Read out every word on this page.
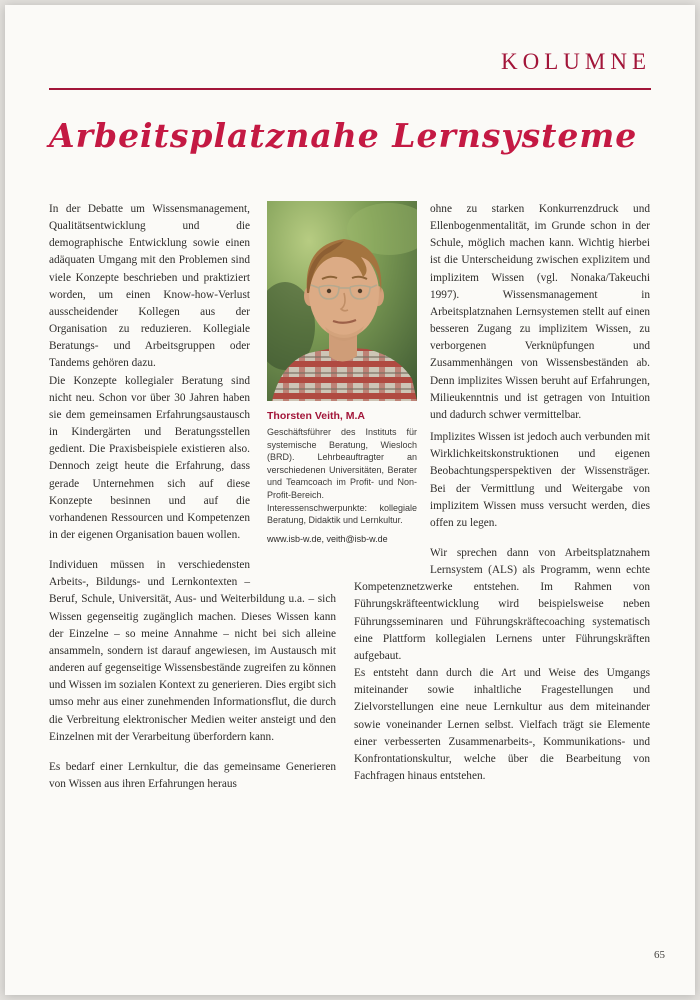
KOLUMNE
Arbeitsplatznahe Lernsysteme

In der Debatte um Wissensmanagement, Qualitätsentwicklung und die demographische Entwicklung sowie einen adäquaten Umgang mit den Problemen sind viele Konzepte beschrieben und praktiziert worden, um einen Know-how-Verlust ausscheidender Kollegen aus der Organisation zu reduzieren. Kollegiale Beratungs- und Arbeitsgruppen oder Tandems gehören dazu.

Die Konzepte kollegialer Beratung sind nicht neu. Schon vor über 30 Jahren haben sie dem gemeinsamen Erfahrungsaustausch in Kindergärten und Beratungsstellen gedient. Die Praxisbeispiele existieren also. Dennoch zeigt heute die Erfahrung, dass gerade Unternehmen sich auf diese Konzepte besinnen und auf die vorhandenen Ressourcen und Kompetenzen in der eigenen Organisation bauen wollen.

Individuen müssen in verschiedensten Arbeits-, Bildungs- und Lernkontexten – Beruf, Schule, Universität, Aus- und Weiterbildung u.a. – sich Wissen gegenseitig zugänglich machen. Dieses Wissen kann der Einzelne – so meine Annahme – nicht bei sich alleine ansammeln, sondern ist darauf angewiesen, im Austausch mit anderen auf gegenseitige Wissensbestände zugreifen zu können und Wissen im sozialen Kontext zu generieren. Dies ergibt sich umso mehr aus einer zunehmenden Informationsflut, die durch die Verbreitung elektronischer Medien weiter ansteigt und den Einzelnen mit der Verarbeitung überfordern kann.

Es bedarf einer Lernkultur, die das gemeinsame Generieren von Wissen aus ihren Erfahrungen heraus

ohne zu starken Konkurrenzdruck und Ellenbogenmentalität, im Grunde schon in der Schule, möglich machen kann. Wichtig hierbei ist die Unterscheidung zwischen explizitem und implizitem Wissen (vgl. Nonaka/Takeuchi 1997). Wissensmanagement in Arbeitsplatznahen Lernsystemen stellt auf einen besseren Zugang zu implizitem Wissen, zu verborgenen Verknüpfungen und Zusammenhängen von Wissensbeständen ab. Denn implizites Wissen beruht auf Erfahrungen, Milieukenntnis und ist getragen von Intuition und dadurch schwer vermittelbar.

Implizites Wissen ist jedoch auch verbunden mit Wirklichkeitskonstruktionen und eigenen Beobachtungsperspektiven der Wissensträger. Bei der Vermittlung und Weitergabe von implizitem Wissen muss versucht werden, dies offen zu legen.

Wir sprechen dann von Arbeitsplatznahem Lernsystem (ALS) als Programm, wenn echte Kompetenznetzwerke entstehen. Im Rahmen von Führungskräfteentwicklung wird beispielsweise neben Führungsseminaren und Führungskräftecoaching systematisch eine Plattform kollegialen Lernens unter Führungskräften aufgebaut.

Es entsteht dann durch die Art und Weise des Umgangs miteinander sowie inhaltliche Fragestellungen und Zielvorstellungen eine neue Lernkultur aus dem miteinander sowie voneinander Lernen selbst. Vielfach trägt sie Elemente einer verbesserten Zusammenarbeits-, Kommunikations- und Konfrontationskultur, welche über die Bearbeitung von Fachfragen hinaus entstehen.

Thorsten Veith, M.A

Geschäftsführer des Instituts für systemische Beratung, Wiesloch (BRD). Lehrbeauftragter an verschiedenen Universitäten, Berater und Teamcoach im Profit- und Non-Profit-Bereich. Interessenschwerpunkte: kollegiale Beratung, Didaktik und Lernkultur.

www.isb-w.de, veith@isb-w.de

65
